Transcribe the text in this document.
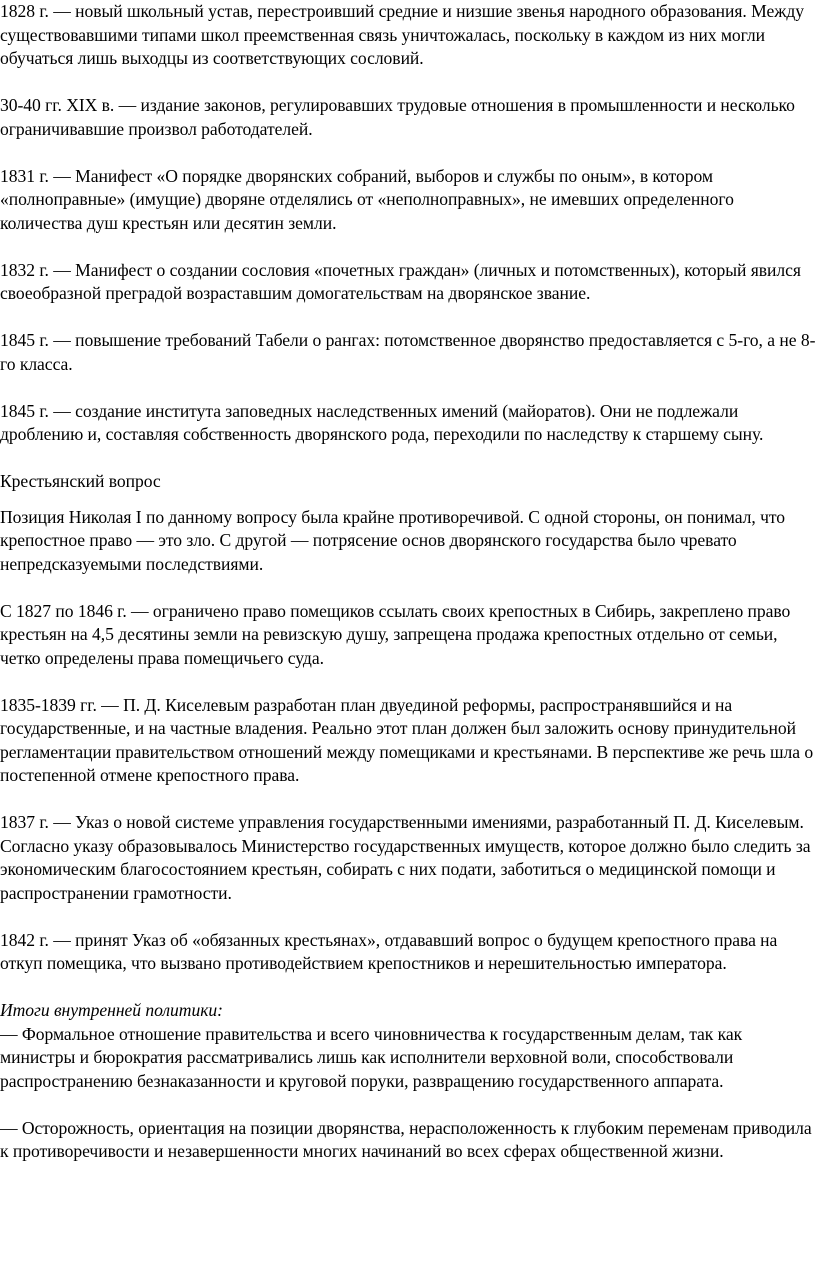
1828 г. — новый школьный устав, перестроивший средние и низшие звенья народного образования. Между существовавшими типами школ преемственная связь уничтожалась, поскольку в каждом из них могли обучаться лишь выходцы из соответствующих сословий.

30-40 гг. XIX в. — издание законов, регулировавших трудовые отношения в промышленности и несколько ограничивавшие произвол работодателей.

1831 г. — Манифест «О порядке дворянских собраний, выборов и службы по оным», в котором «полноправные» (имущие) дворяне отделялись от «неполноправных», не имевших определенного количества душ крестьян или десятин земли.

1832 г. — Манифест о создании сословия «почетных граждан» (личных и потомственных), который явился своеобразной преградой возраставшим домогательствам на дворянское звание.

1845 г. — повышение требований Табели о рангах: потомственное дворянство предоставляется с 5-го, а не 8-го класса.

1845 г. — создание института заповедных наследственных имений (майоратов). Они не подлежали дроблению и, составляя собственность дворянского рода, переходили по наследству к старшему сыну.

Крестьянский вопрос

Позиция Николая I по данному вопросу была крайне противоречивой. С одной стороны, он понимал, что крепостное право — это зло. С другой — потрясение основ дворянского государства было чревато непредсказуемыми последствиями.

С 1827 по 1846 г. — ограничено право помещиков ссылать своих крепостных в Сибирь, закреплено право крестьян на 4,5 десятины земли на ревизскую душу, запрещена продажа крепостных отдельно от семьи, четко определены права помещичьего суда.

1835-1839 гг. — П. Д. Киселевым разработан план двуединой реформы, распространявшийся и на государственные, и на частные владения. Реально этот план должен был заложить основу принудительной регламентации правительством отношений между помещиками и крестьянами. В перспективе же речь шла о постепенной отмене крепостного права.

1837 г. — Указ о новой системе управления государственными имениями, разработанный П. Д. Киселевым. Согласно указу образовывалось Министерство государственных имуществ, которое должно было следить за экономическим благосостоянием крестьян, собирать с них подати, заботиться о медицинской помощи и распространении грамотности.

1842 г. — принят Указ об «обязанных крестьянах», отдававший вопрос о будущем крепостного права на откуп помещика, что вызвано противодействием крепостников и нерешительностью императора.

Итоги внутренней политики:

— Формальное отношение правительства и всего чиновничества к государственным делам, так как министры и бюрократия рассматривались лишь как исполнители верховной воли, способствовали распространению безнаказанности и круговой поруки, развращению государственного аппарата.

— Осторожность, ориентация на позиции дворянства, нерасположенность к глубоким переменам приводила к противоречивости и незавершенности многих начинаний во всех сферах общественной жизни.
